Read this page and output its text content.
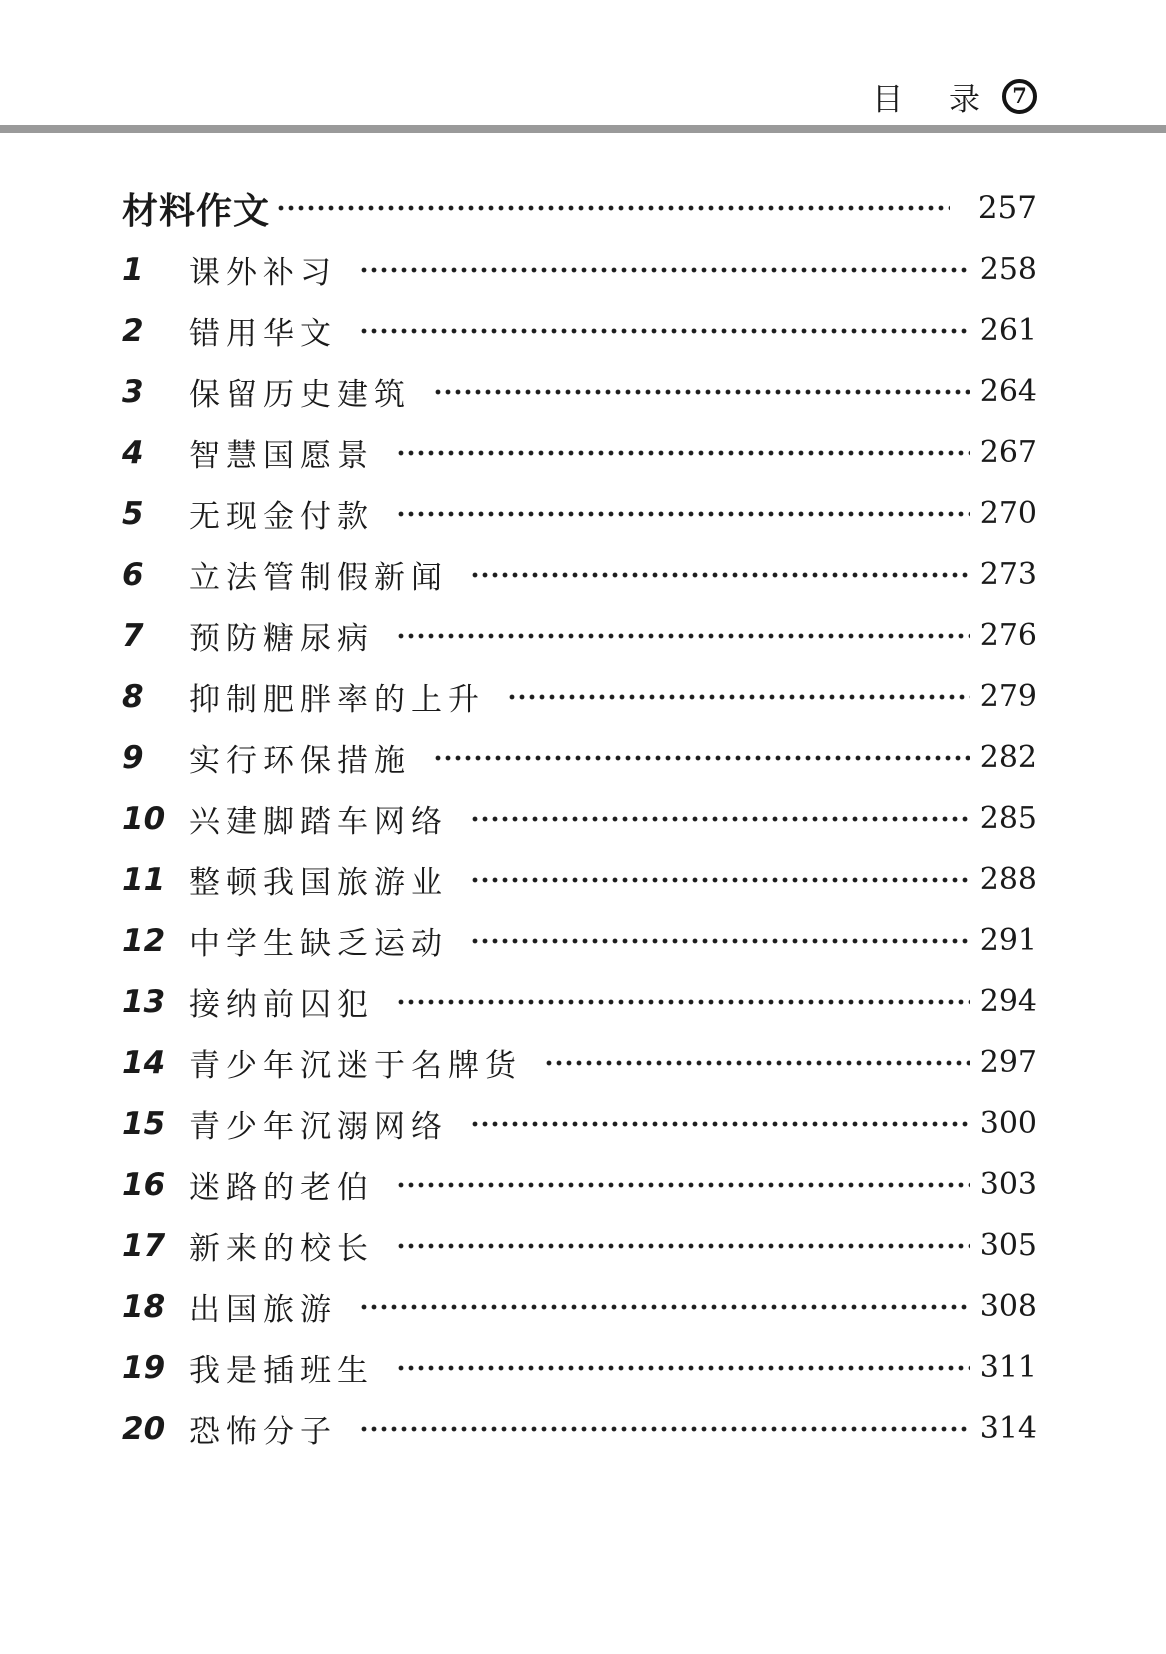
目 录 7
材料作文	257
1	课外补习	258
2	错用华文	261
3	保留历史建筑	264
4	智慧国愿景	267
5	无现金付款	270
6	立法管制假新闻	273
7	预防糖尿病	276
8	抑制肥胖率的上升	279
9	实行环保措施	282
10 兴建脚踏车网络	285
11 整顿我国旅游业	288
12 中学生缺乏运动	291
13 接纳前囚犯	294
14 青少年沉迷于名牌货	297
15 青少年沉溺网络	300
16 迷路的老伯	303
17 新来的校长	305
18 出国旅游	308
19 我是插班生	311
20 恐怖分子	314
